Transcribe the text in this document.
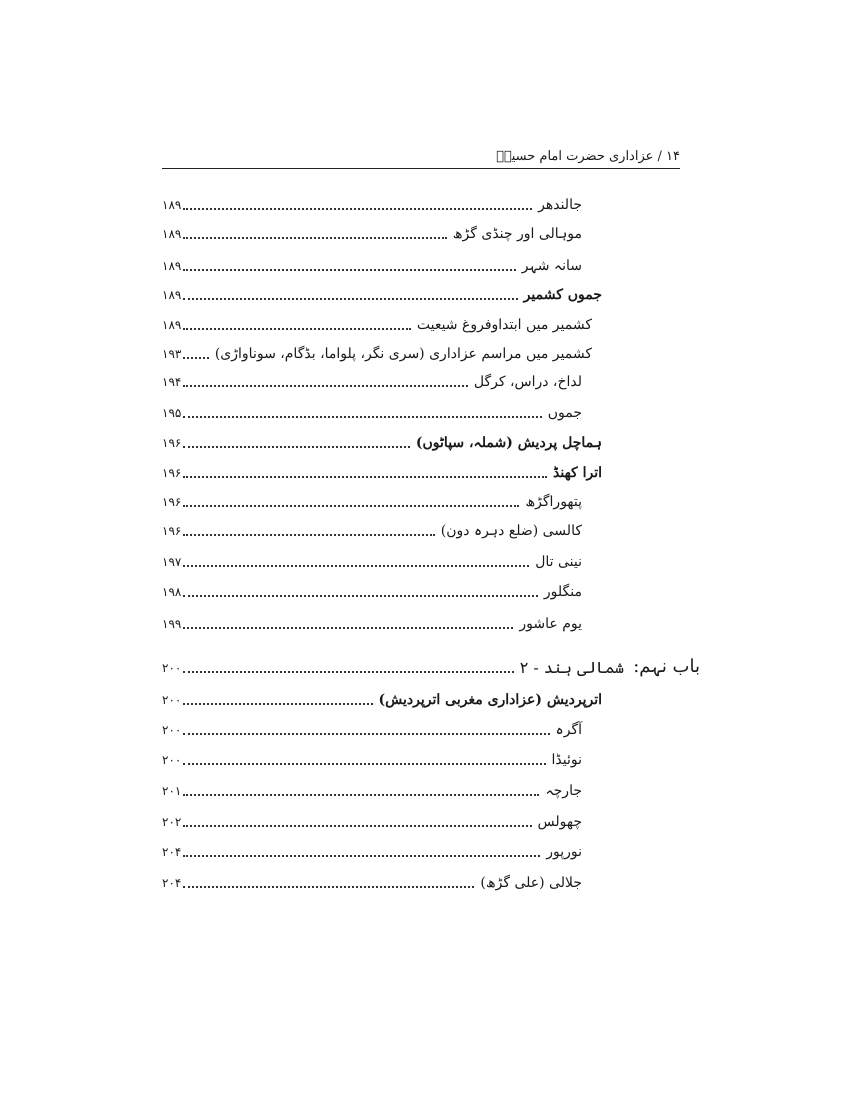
۱۴ / عزاداری حضرت امام حسینؑ
جالندھر
۱۸۹
موہالی اور چنڈی گڑھ
۱۸۹
سانہ شہر
۱۸۹
جموں کشمیر
۱۸۹
کشمیر میں ابتداوفروغ شیعیت
۱۸۹
کشمیر میں مراسم عزاداری (سری نگر، پلواما، بڈگام، سوناواڑی)
۱۹۳
لداخ، دراس، کرگل
۱۹۴
جموں
۱۹۵
ہماچل پردیش (شملہ، سپاٹوں)
۱۹۶
اترا کھنڈ
۱۹۶
پتھوراگڑھ
۱۹۶
کالسی (ضلع دہرہ دون)
۱۹۶
نینی تال
۱۹۷
منگلور
۱۹۸
یوم عاشور
۱۹۹
باب نہم:
شمالی ہند - ۲
۲۰۰
اترپردیش (عزاداری مغربی اترپردیش)
۲۰۰
آگرہ
۲۰۰
نوئیڈا
۲۰۰
جارچہ
۲۰۱
چھولس
۲۰۲
نورپور
۲۰۴
جلالی (علی گڑھ)
۲۰۴
